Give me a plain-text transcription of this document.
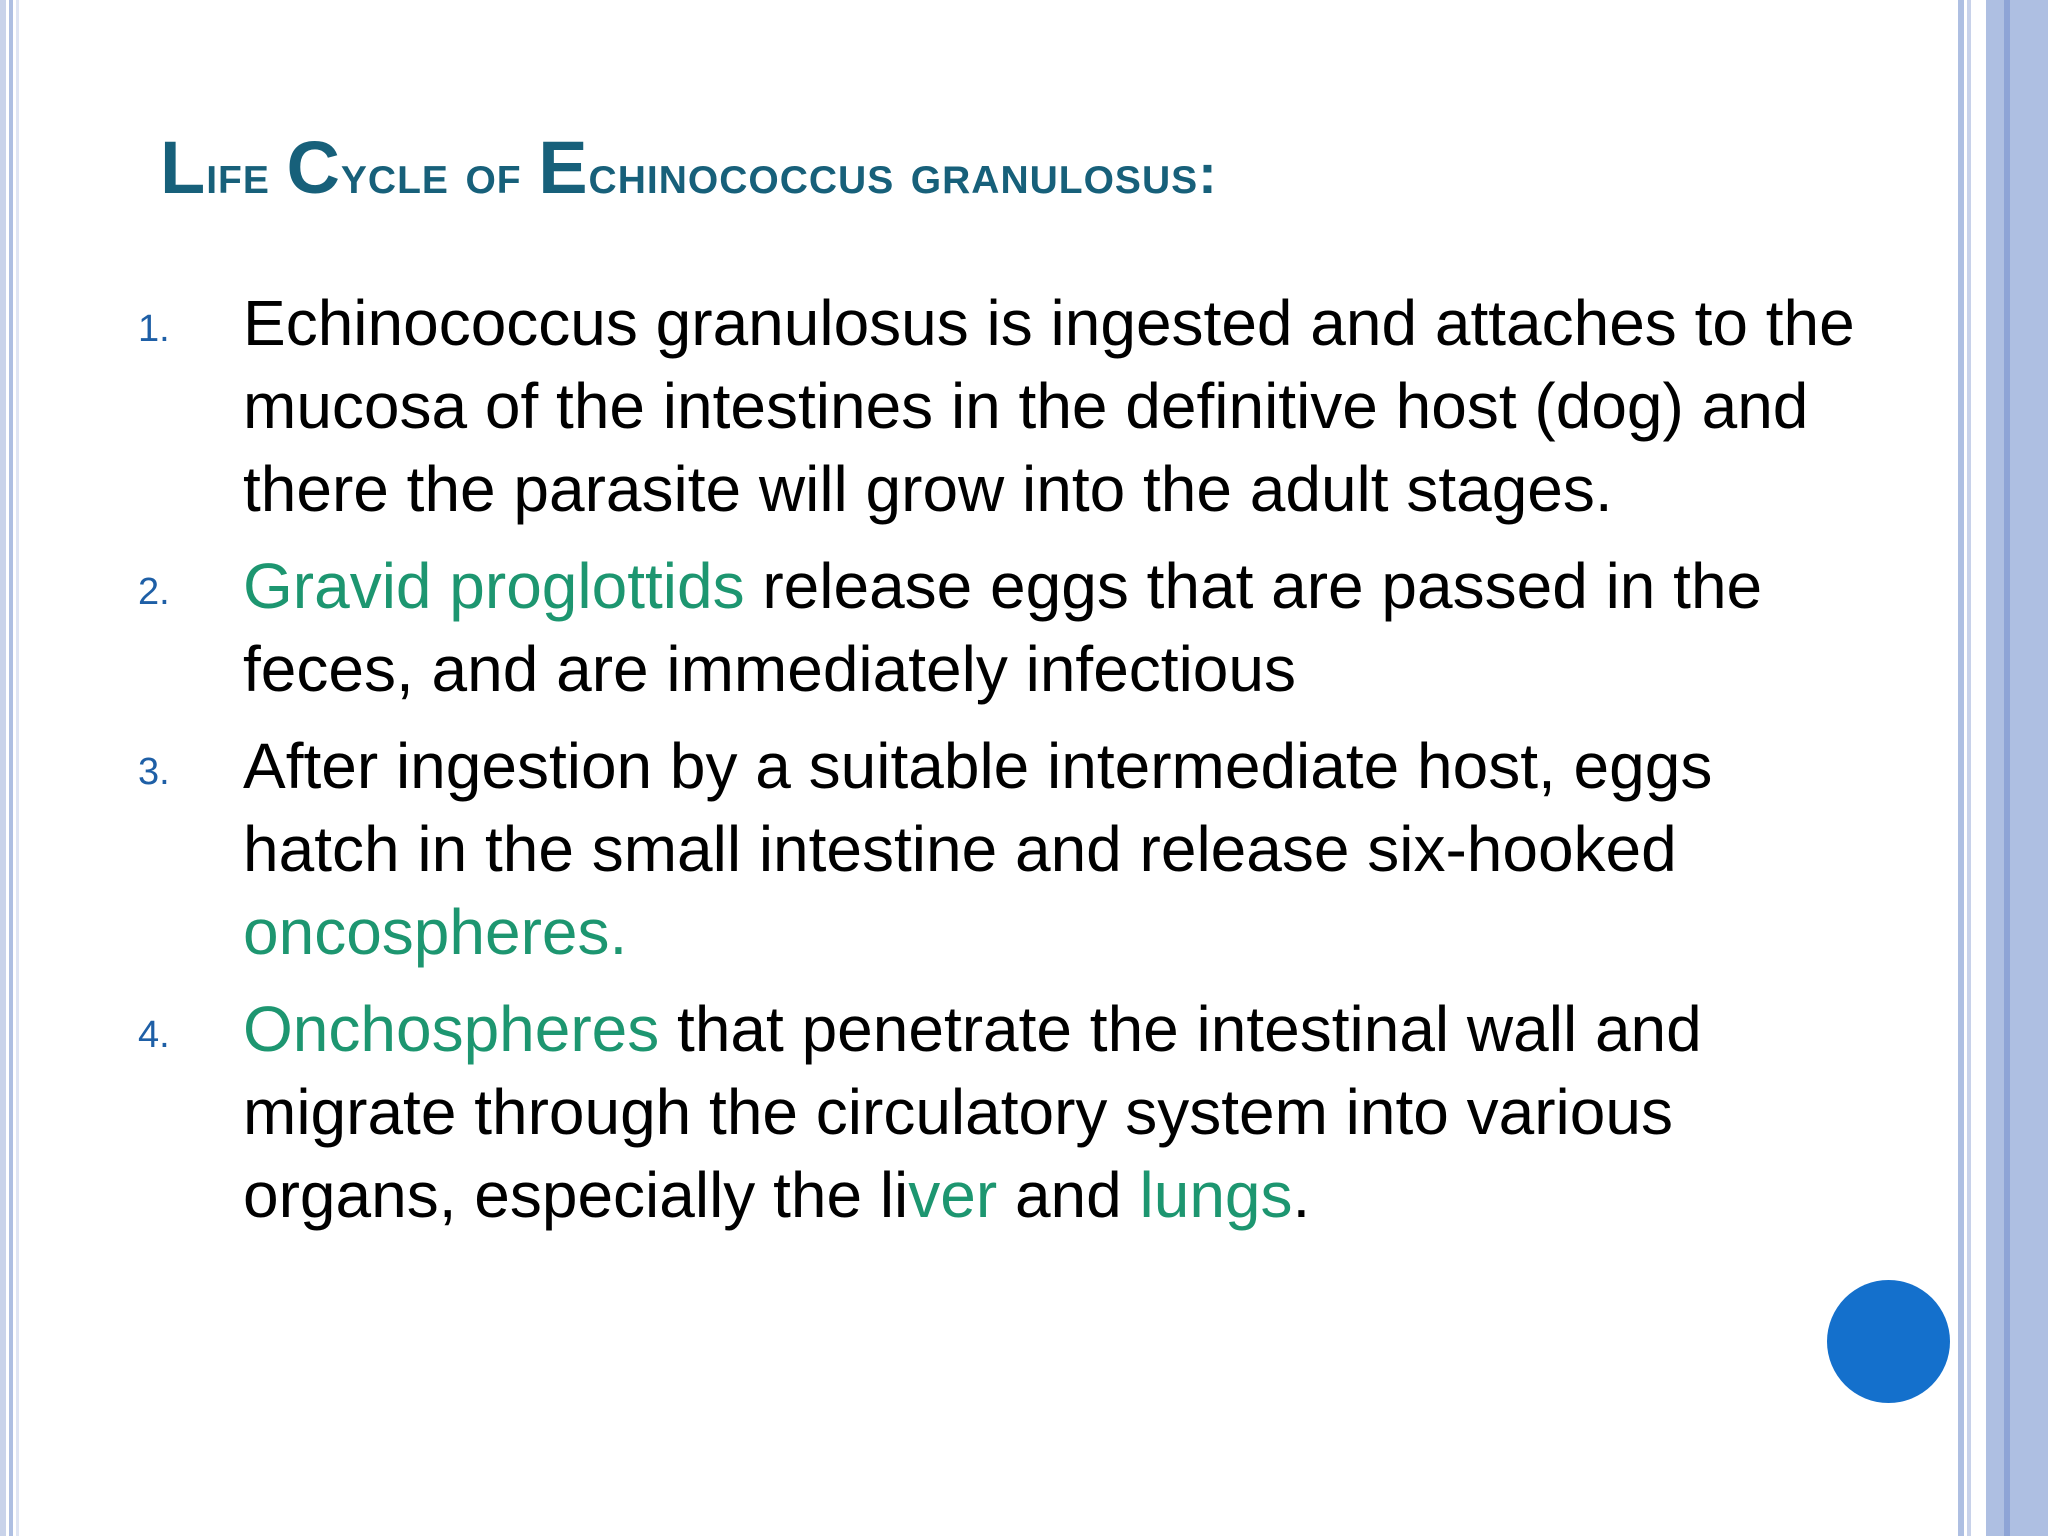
Life Cycle of Echinococcus granulosus:
1. Echinococcus granulosus is ingested and attaches to the mucosa of the intestines in the definitive host (dog) and there the parasite will grow into the adult stages.
2. Gravid proglottids release eggs that are passed in the feces, and are immediately infectious
3. After ingestion by a suitable intermediate host, eggs hatch in the small intestine and release six-hooked oncospheres.
4. Onchospheres that penetrate the intestinal wall and migrate through the circulatory system into various organs, especially the liver and lungs.
